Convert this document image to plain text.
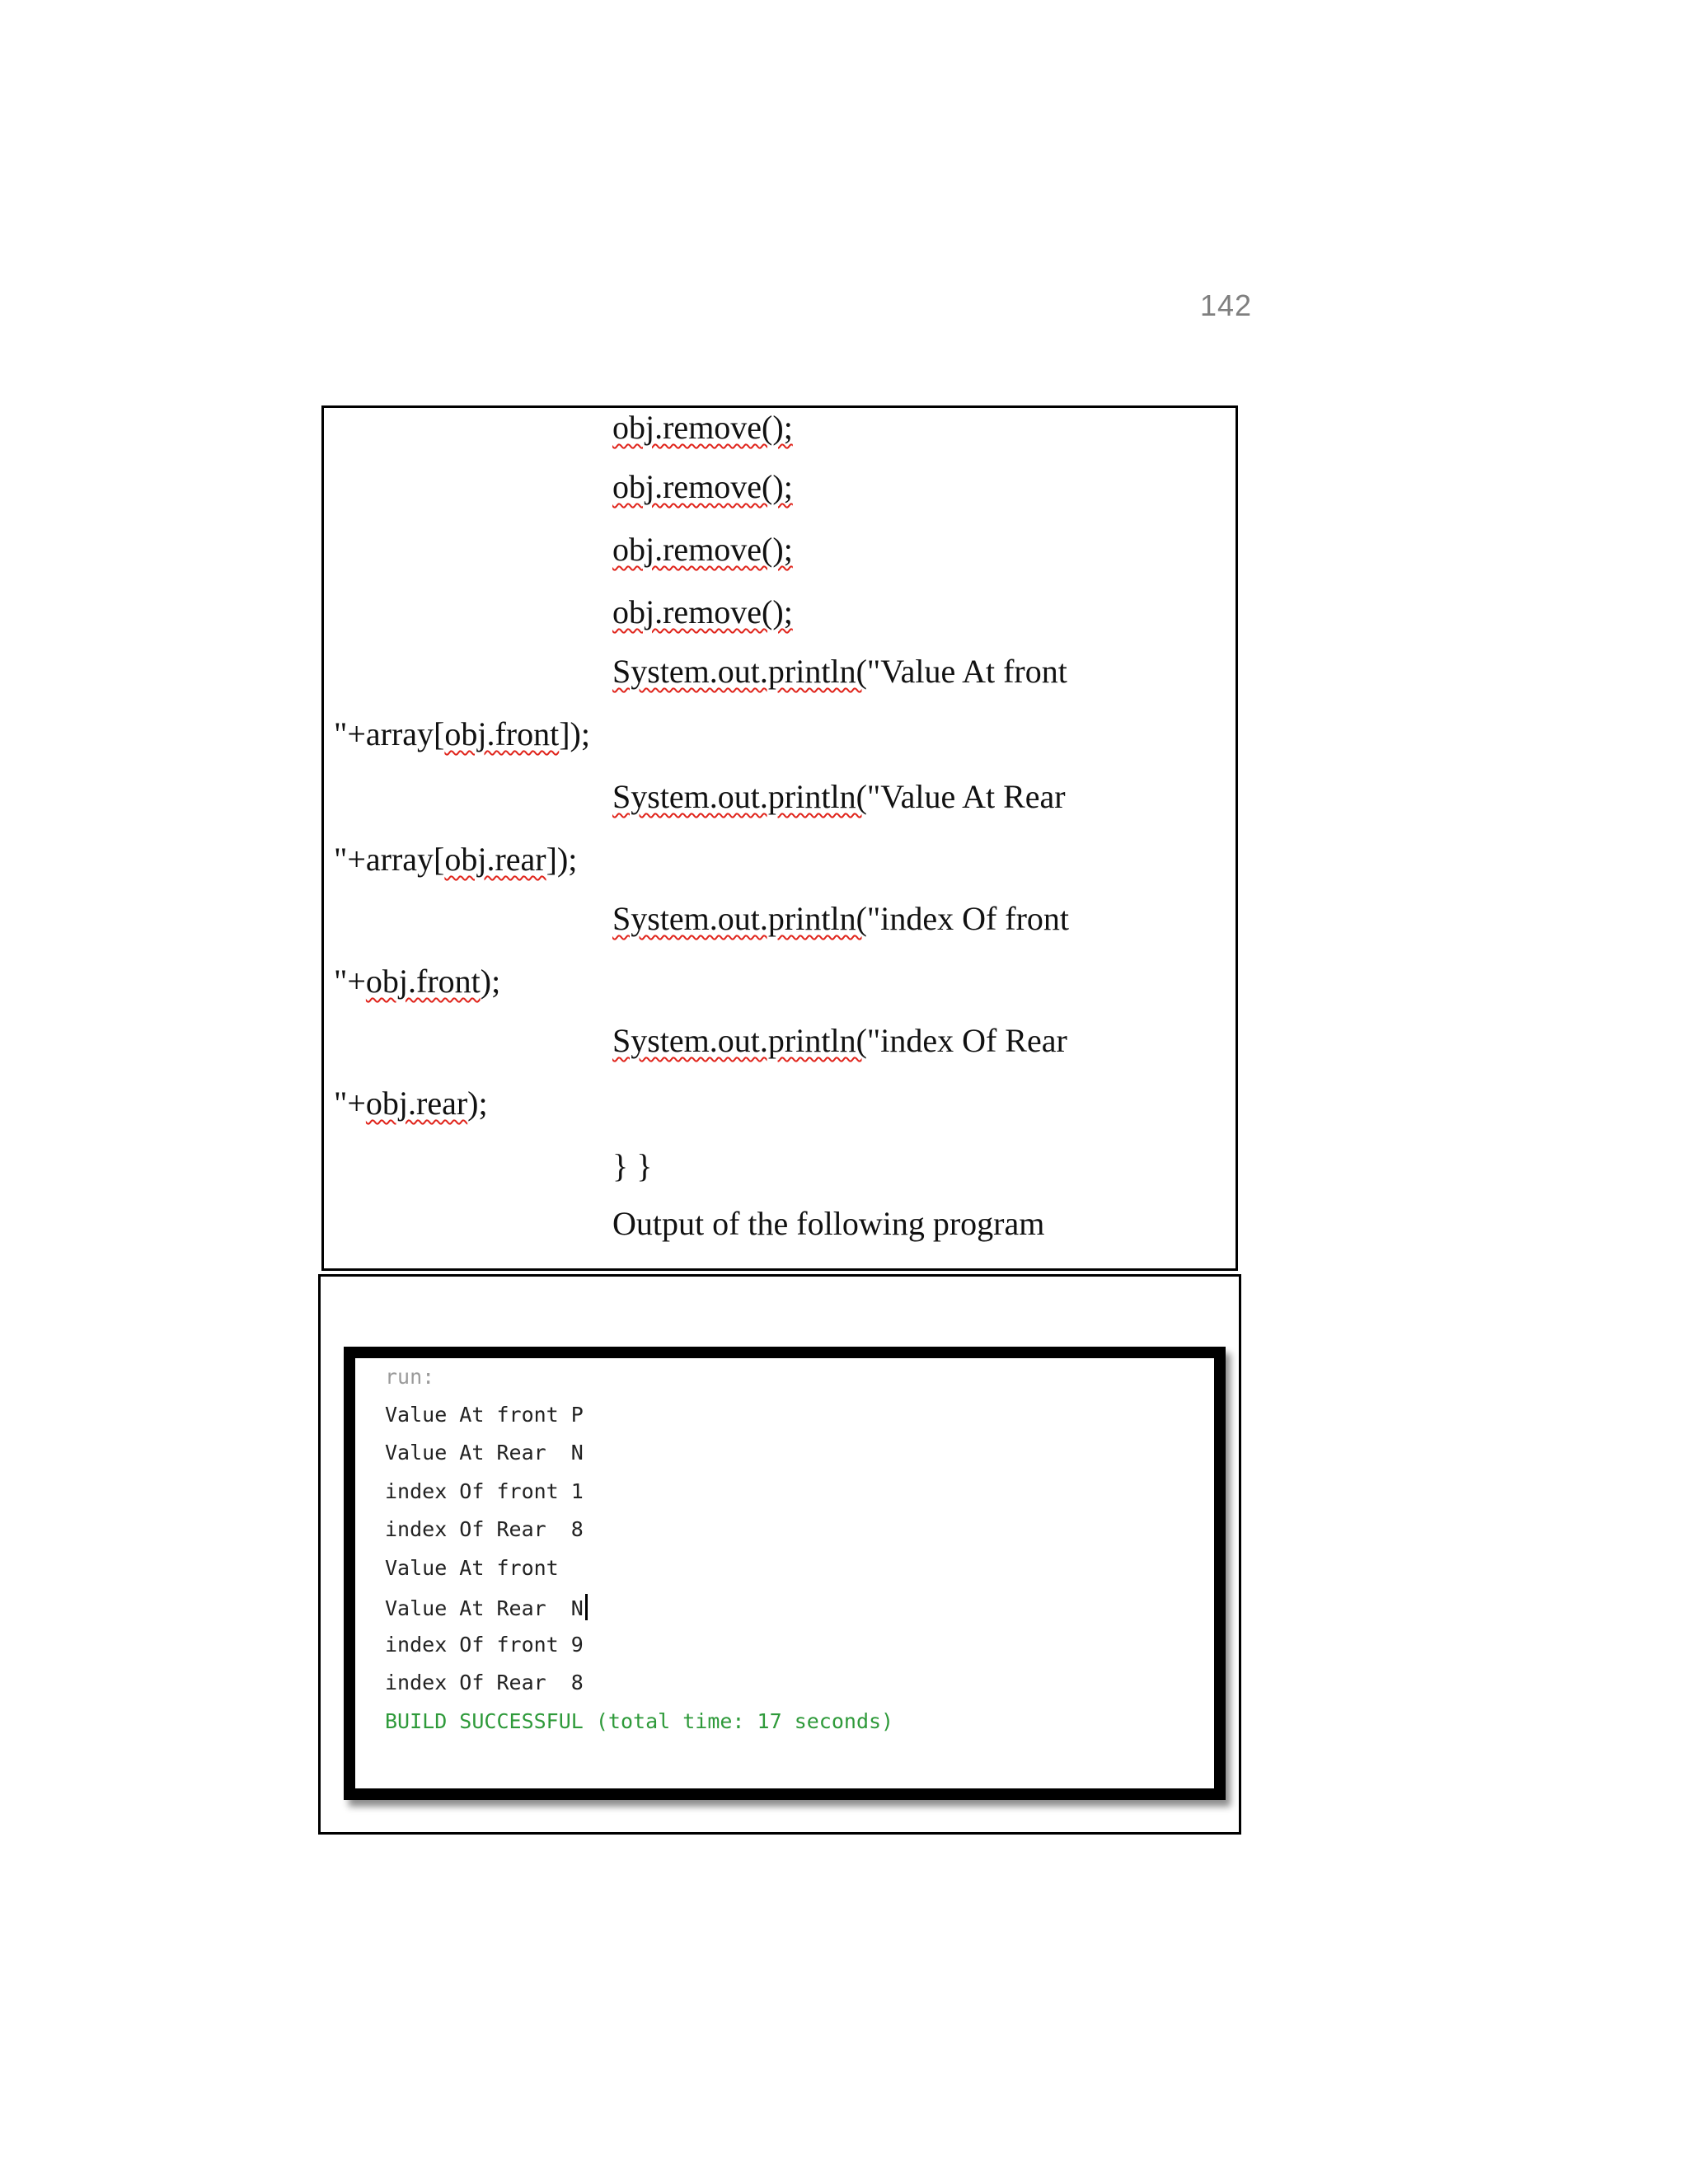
142
obj.remove();
obj.remove();
obj.remove();
obj.remove();
System.out.println("Value At front
"+array[obj.front]);
System.out.println("Value At Rear
"+array[obj.rear]);
System.out.println("index Of front
"+obj.front);
System.out.println("index Of Rear
"+obj.rear);
} }
Output of the following program
run:
Value At front P
Value At Rear  N
index Of front 1
index Of Rear  8
Value At front
Value At Rear  N
index Of front 9
index Of Rear  8
BUILD SUCCESSFUL (total time: 17 seconds)
